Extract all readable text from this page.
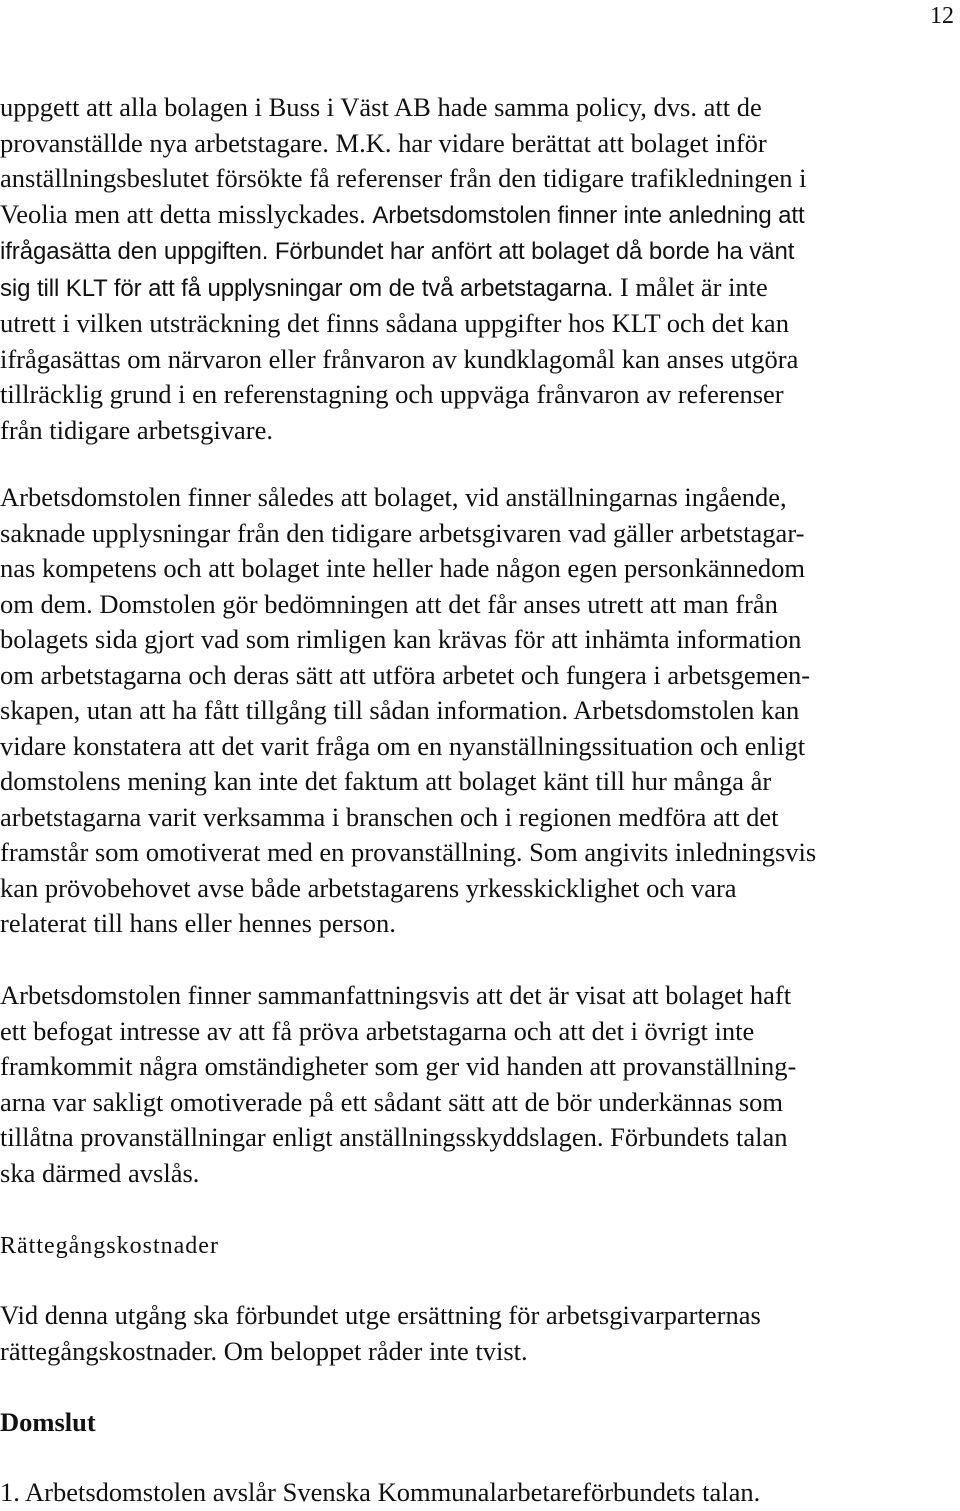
12
uppgett att alla bolagen i Buss i Väst AB hade samma policy, dvs. att de
provanställde nya arbetstagare. M.K. har vidare berättat att bolaget inför
anställningsbeslutet försökte få referenser från den tidigare trafikledningen i
Veolia men att detta misslyckades. Arbetsdomstolen finner inte anledning att
ifrågasätta den uppgiften. Förbundet har anfört att bolaget då borde ha vänt
sig till KLT för att få upplysningar om de två arbetstagarna. I målet är inte
utrett i vilken utsträckning det finns sådana uppgifter hos KLT och det kan
ifrågasättas om närvaron eller frånvaron av kundklagomål kan anses utgöra
tillräcklig grund i en referenstagning och uppväga frånvaron av referenser
från tidigare arbetsgivare.
Arbetsdomstolen finner således att bolaget, vid anställningarnas ingående,
saknade upplysningar från den tidigare arbetsgivaren vad gäller arbetstagar-
nas kompetens och att bolaget inte heller hade någon egen personkännedom
om dem. Domstolen gör bedömningen att det får anses utrett att man från
bolagets sida gjort vad som rimligen kan krävas för att inhämta information
om arbetstagarna och deras sätt att utföra arbetet och fungera i arbetsgemen-
skapen, utan att ha fått tillgång till sådan information. Arbetsdomstolen kan
vidare konstatera att det varit fråga om en nyanställningssituation och enligt
domstolens mening kan inte det faktum att bolaget känt till hur många år
arbetstagarna varit verksamma i branschen och i regionen medföra att det
framstår som omotiverat med en provanställning. Som angivits inledningsvis
kan prövobehovet avse både arbetstagarens yrkesskicklighet och vara
relaterat till hans eller hennes person.
Arbetsdomstolen finner sammanfattningsvis att det är visat att bolaget haft
ett befogat intresse av att få pröva arbetstagarna och att det i övrigt inte
framkommit några omständigheter som ger vid handen att provanställning-
arna var sakligt omotiverade på ett sådant sätt att de bör underkännas som
tillåtna provanställningar enligt anställningsskyddslagen. Förbundets talan
ska därmed avslås.
Rättegångskostnader
Vid denna utgång ska förbundet utge ersättning för arbetsgivarparternas
rättegångskostnader. Om beloppet råder inte tvist.
Domslut
1. Arbetsdomstolen avslår Svenska Kommunalarbetareförbundets talan.
